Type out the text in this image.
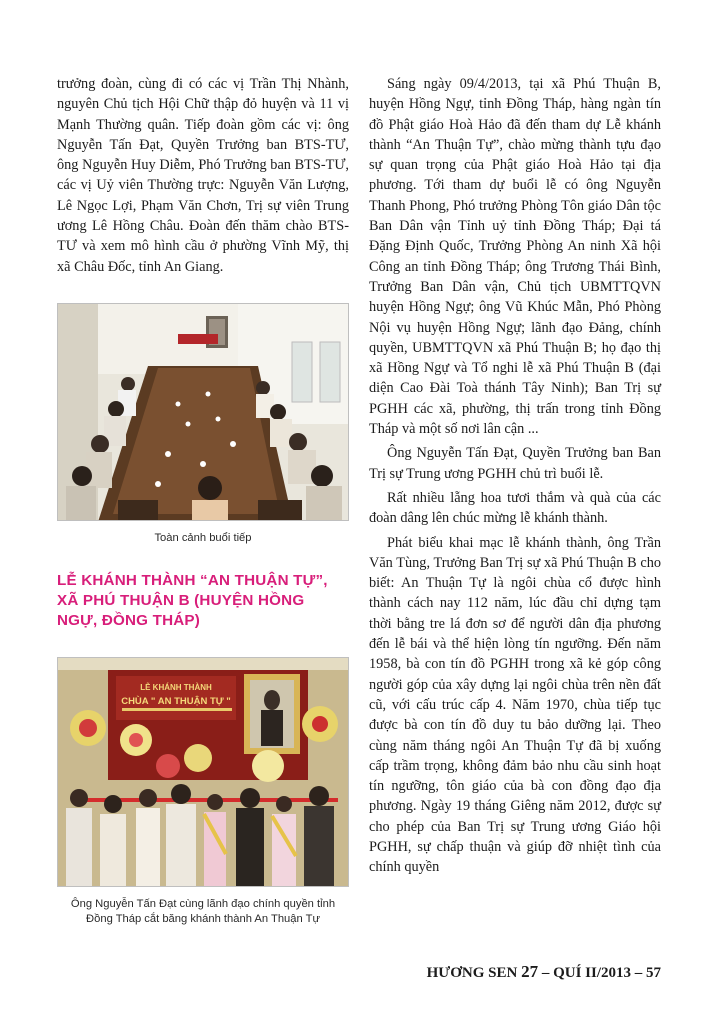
trưởng đoàn, cùng đi có các vị Trần Thị Nhành, nguyên Chủ tịch Hội Chữ thập đỏ huyện và 11 vị Mạnh Thường quân. Tiếp đoàn gồm các vị: ông Nguyễn Tấn Đạt, Quyền Trưởng ban BTS-TƯ, ông Nguyễn Huy Diễm, Phó Trưởng ban BTS-TƯ, các vị Uỷ viên Thường trực: Nguyễn Văn Lượng, Lê Ngọc Lợi, Phạm Văn Chơn, Trị sự viên Trung ương Lê Hồng Châu. Đoàn đến thăm chào BTS-TƯ và xem mô hình cầu ở phường Vĩnh Mỹ, thị xã Châu Đốc, tỉnh An Giang.

Toàn cảnh buổi tiếp
LỄ KHÁNH THÀNH “AN THUẬN TỰ”, XÃ PHÚ THUẬN B (HUYỆN HỒNG NGỰ, ĐỒNG THÁP)
LỄ KHÁNH THÀNH
CHÙA " AN THUẬN TỰ "
Ông Nguyễn Tấn Đạt cùng lãnh đạo chính quyền tỉnh Đồng Tháp cắt băng khánh thành An Thuận Tự

Sáng ngày 09/4/2013, tại xã Phú Thuận B, huyện Hồng Ngự, tỉnh Đồng Tháp, hàng ngàn tín đồ Phật giáo Hoà Hảo đã đến tham dự Lễ khánh thành “An Thuận Tự”, chào mừng thành tựu đạo sự quan trọng của Phật giáo Hoà Hảo tại địa phương. Tới tham dự buổi lễ có ông Nguyễn Thanh Phong, Phó trưởng Phòng Tôn giáo Dân tộc Ban Dân vận Tỉnh uỷ tỉnh Đồng Tháp; Đại tá Đặng Định Quốc, Trưởng Phòng An ninh Xã hội Công an tỉnh Đồng Tháp; ông Trương Thái Bình, Trưởng Ban Dân vận, Chủ tịch UBMTTQVN huyện Hồng Ngự; ông Vũ Khúc Mẫn, Phó Phòng Nội vụ huyện Hồng Ngự; lãnh đạo Đảng, chính quyền, UBMTTQVN xã Phú Thuận B; họ đạo thị xã Hồng Ngự và Tổ nghi lễ xã Phú Thuận B (đại diện Cao Đài Toà thánh Tây Ninh); Ban Trị sự PGHH các xã, phường, thị trấn trong tỉnh Đồng Tháp và một số nơi lân cận ...

Ông Nguyễn Tấn Đạt, Quyền Trưởng ban Ban Trị sự Trung ương PGHH chủ trì buổi lễ.

Rất nhiều lẵng hoa tươi thắm và quà của các đoàn dâng lên chúc mừng lễ khánh thành.

Phát biểu khai mạc lễ khánh thành, ông Trần Văn Tùng, Trưởng Ban Trị sự xã Phú Thuận B cho biết: An Thuận Tự là ngôi chùa cổ được hình thành cách nay 112 năm, lúc đầu chỉ dựng tạm thời bằng tre lá đơn sơ để người dân địa phương đến lễ bái và thể hiện lòng tín ngưỡng. Đến năm 1958, bà con tín đồ PGHH trong xã kẻ góp công người góp của xây dựng lại ngôi chùa trên nền đất cũ, với cấu trúc cấp 4. Năm 1970, chùa tiếp tục được bà con tín đồ duy tu bảo dưỡng lại. Theo cùng năm tháng ngôi An Thuận Tự đã bị xuống cấp trầm trọng, không đảm bảo nhu cầu sinh hoạt tín ngưỡng, tôn giáo của bà con đồng đạo địa phương. Ngày 19 tháng Giêng năm 2012, được sự cho phép của Ban Trị sự Trung ương Giáo hội PGHH, sự chấp thuận và giúp đỡ nhiệt tình của chính quyền

HƯƠNG SEN 27 – QUÍ II/2013 – 57
